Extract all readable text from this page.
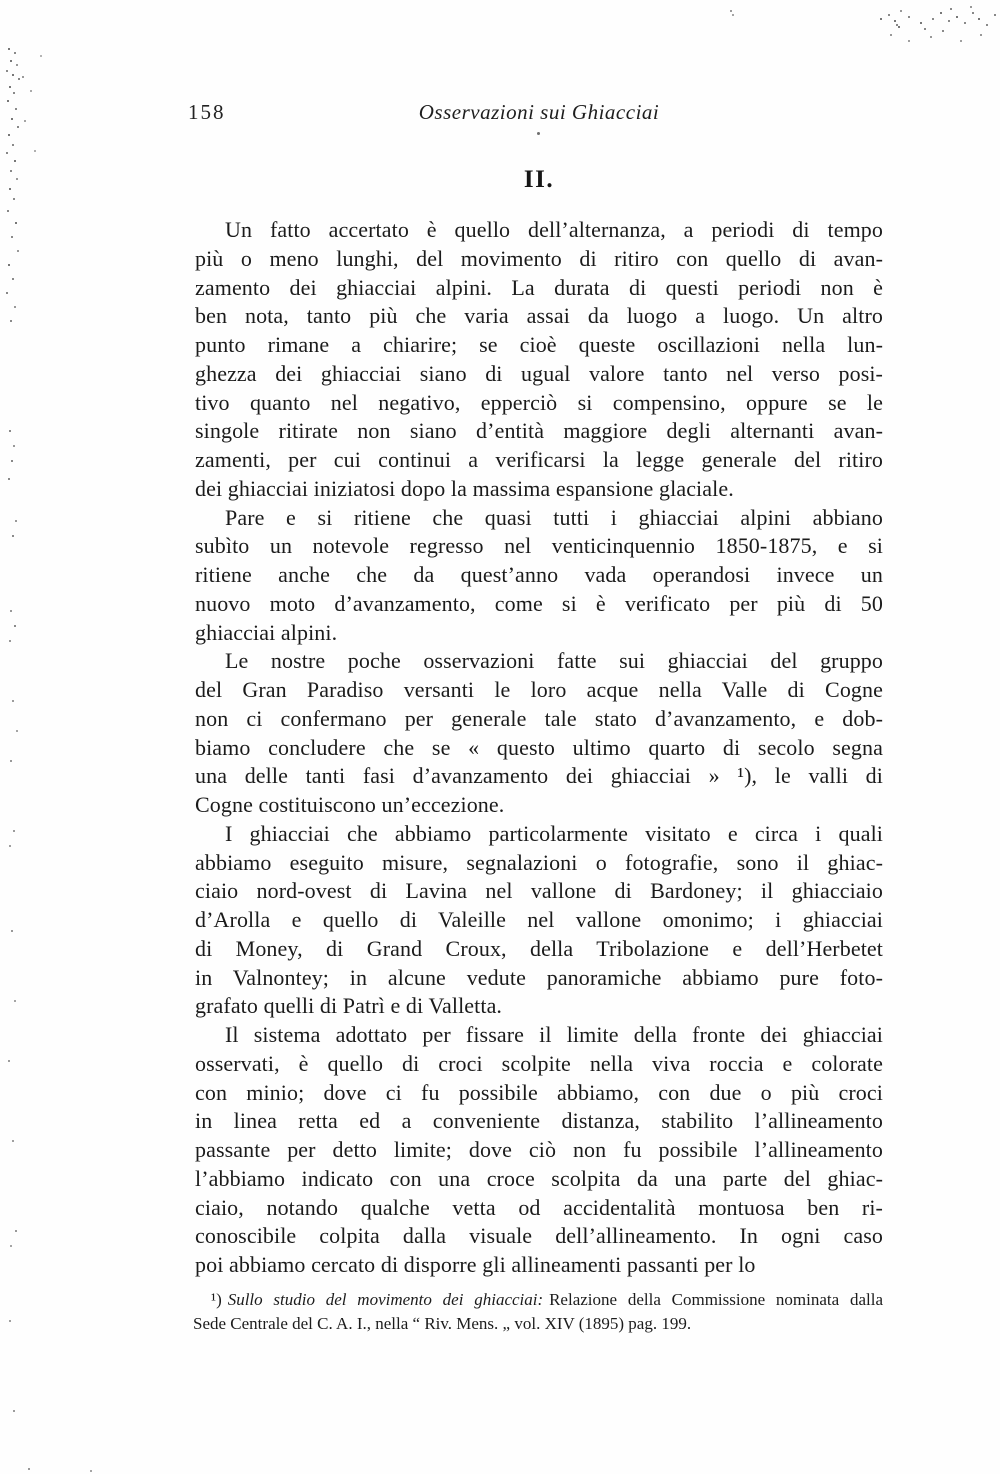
158	Osservazioni sui Ghiacciai
II.
Un fatto accertato è quello dell’alternanza, a periodi di tempo
più o meno lunghi, del movimento di ritiro con quello di avan-
zamento dei ghiacciai alpini. La durata di questi periodi non è
ben nota, tanto più che varia assai da luogo a luogo. Un altro
punto rimane a chiarire; se cioè queste oscillazioni nella lun-
ghezza dei ghiacciai siano di ugual valore tanto nel verso posi-
tivo quanto nel negativo, epperciò si compensino, oppure se le
singole ritirate non siano d’entità maggiore degli alternanti avan-
zamenti, per cui continui a verificarsi la legge generale del ritiro
dei ghiacciai iniziatosi dopo la massima espansione glaciale.
Pare e si ritiene che quasi tutti i ghiacciai alpini abbiano
subìto un notevole regresso nel venticinquennio 1850-1875, e si
ritiene anche che da quest’anno vada operandosi invece un
nuovo moto d’avanzamento, come si è verificato per più di 50
ghiacciai alpini.
Le nostre poche osservazioni fatte sui ghiacciai del gruppo
del Gran Paradiso versanti le loro acque nella Valle di Cogne
non ci confermano per generale tale stato d’avanzamento, e dob-
biamo concludere che se « questo ultimo quarto di secolo segna
una delle tanti fasi d’avanzamento dei ghiacciai » ¹), le valli di
Cogne costituiscono un’eccezione.
I ghiacciai che abbiamo particolarmente visitato e circa i quali
abbiamo eseguito misure, segnalazioni o fotografie, sono il ghiac-
ciaio nord-ovest di Lavina nel vallone di Bardoney; il ghiacciaio
d’Arolla e quello di Valeille nel vallone omonimo; i ghiacciai
di Money, di Grand Croux, della Tribolazione e dell’Herbetet
in Valnontey; in alcune vedute panoramiche abbiamo pure foto-
grafato quelli di Patrì e di Valletta.
Il sistema adottato per fissare il limite della fronte dei ghiacciai
osservati, è quello di croci scolpite nella viva roccia e colorate
con minio; dove ci fu possibile abbiamo, con due o più croci
in linea retta ed a conveniente distanza, stabilito l’allineamento
passante per detto limite; dove ciò non fu possibile l’allineamento
l’abbiamo indicato con una croce scolpita da una parte del ghiac-
ciaio, notando qualche vetta od accidentalità montuosa ben ri-
conoscibile colpita dalla visuale dell’allineamento. In ogni caso
poi abbiamo cercato di disporre gli allineamenti passanti per lo
¹) Sullo studio del movimento dei ghiacciai: Relazione della Commissione nominata dalla
Sede Centrale del C. A. I., nella “ Riv. Mens. „ vol. XIV (1895) pag. 199.
